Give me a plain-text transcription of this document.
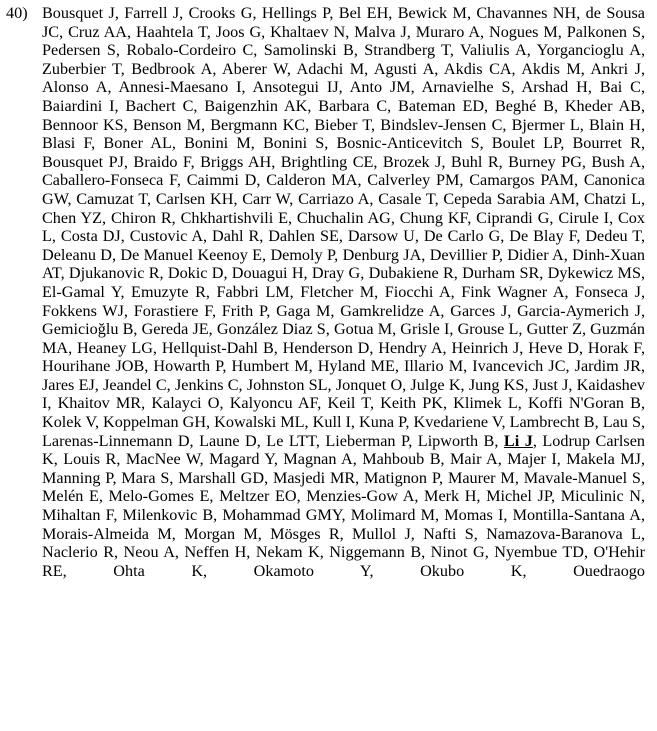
40) Bousquet J, Farrell J, Crooks G, Hellings P, Bel EH, Bewick M, Chavannes NH, de Sousa JC, Cruz AA, Haahtela T, Joos G, Khaltaev N, Malva J, Muraro A, Nogues M, Palkonen S, Pedersen S, Robalo-Cordeiro C, Samolinski B, Strandberg T, Valiulis A, Yorgancioglu A, Zuberbier T, Bedbrook A, Aberer W, Adachi M, Agusti A, Akdis CA, Akdis M, Ankri J, Alonso A, Annesi-Maesano I, Ansotegui IJ, Anto JM, Arnavielhe S, Arshad H, Bai C, Baiardini I, Bachert C, Baigenzhin AK, Barbara C, Bateman ED, Beghé B, Kheder AB, Bennoor KS, Benson M, Bergmann KC, Bieber T, Bindslev-Jensen C, Bjermer L, Blain H, Blasi F, Boner AL, Bonini M, Bonini S, Bosnic-Anticevitch S, Boulet LP, Bourret R, Bousquet PJ, Braido F, Briggs AH, Brightling CE, Brozek J, Buhl R, Burney PG, Bush A, Caballero-Fonseca F, Caimmi D, Calderon MA, Calverley PM, Camargos PAM, Canonica GW, Camuzat T, Carlsen KH, Carr W, Carriazo A, Casale T, Cepeda Sarabia AM, Chatzi L, Chen YZ, Chiron R, Chkhartishvili E, Chuchalin AG, Chung KF, Ciprandi G, Cirule I, Cox L, Costa DJ, Custovic A, Dahl R, Dahlen SE, Darsow U, De Carlo G, De Blay F, Dedeu T, Deleanu D, De Manuel Keenoy E, Demoly P, Denburg JA, Devillier P, Didier A, Dinh-Xuan AT, Djukanovic R, Dokic D, Douagui H, Dray G, Dubakiene R, Durham SR, Dykewicz MS, El-Gamal Y, Emuzyte R, Fabbri LM, Fletcher M, Fiocchi A, Fink Wagner A, Fonseca J, Fokkens WJ, Forastiere F, Frith P, Gaga M, Gamkrelidze A, Garces J, Garcia-Aymerich J, Gemicioğlu B, Gereda JE, González Diaz S, Gotua M, Grisle I, Grouse L, Gutter Z, Guzmán MA, Heaney LG, Hellquist-Dahl B, Henderson D, Hendry A, Heinrich J, Heve D, Horak F, Hourihane JOB, Howarth P, Humbert M, Hyland ME, Illario M, Ivancevich JC, Jardim JR, Jares EJ, Jeandel C, Jenkins C, Johnston SL, Jonquet O, Julge K, Jung KS, Just J, Kaidashev I, Khaitov MR, Kalayci O, Kalyoncu AF, Keil T, Keith PK, Klimek L, Koffi N'Goran B, Kolek V, Koppelman GH, Kowalski ML, Kull I, Kuna P, Kvedariene V, Lambrecht B, Lau S, Larenas-Linnemann D, Laune D, Le LTT, Lieberman P, Lipworth B, Li J, Lodrup Carlsen K, Louis R, MacNee W, Magard Y, Magnan A, Mahboub B, Mair A, Majer I, Makela MJ, Manning P, Mara S, Marshall GD, Masjedi MR, Matignon P, Maurer M, Mavale-Manuel S, Melén E, Melo-Gomes E, Meltzer EO, Menzies-Gow A, Merk H, Michel JP, Miculinic N, Mihaltan F, Milenkovic B, Mohammad GMY, Molimard M, Momas I, Montilla-Santana A, Morais-Almeida M, Morgan M, Mösges R, Mullol J, Nafti S, Namazova-Baranova L, Naclerio R, Neou A, Neffen H, Nekam K, Niggemann B, Ninot G, Nyembue TD, O'Hehir RE, Ohta K, Okamoto Y, Okubo K, Ouedraogo
